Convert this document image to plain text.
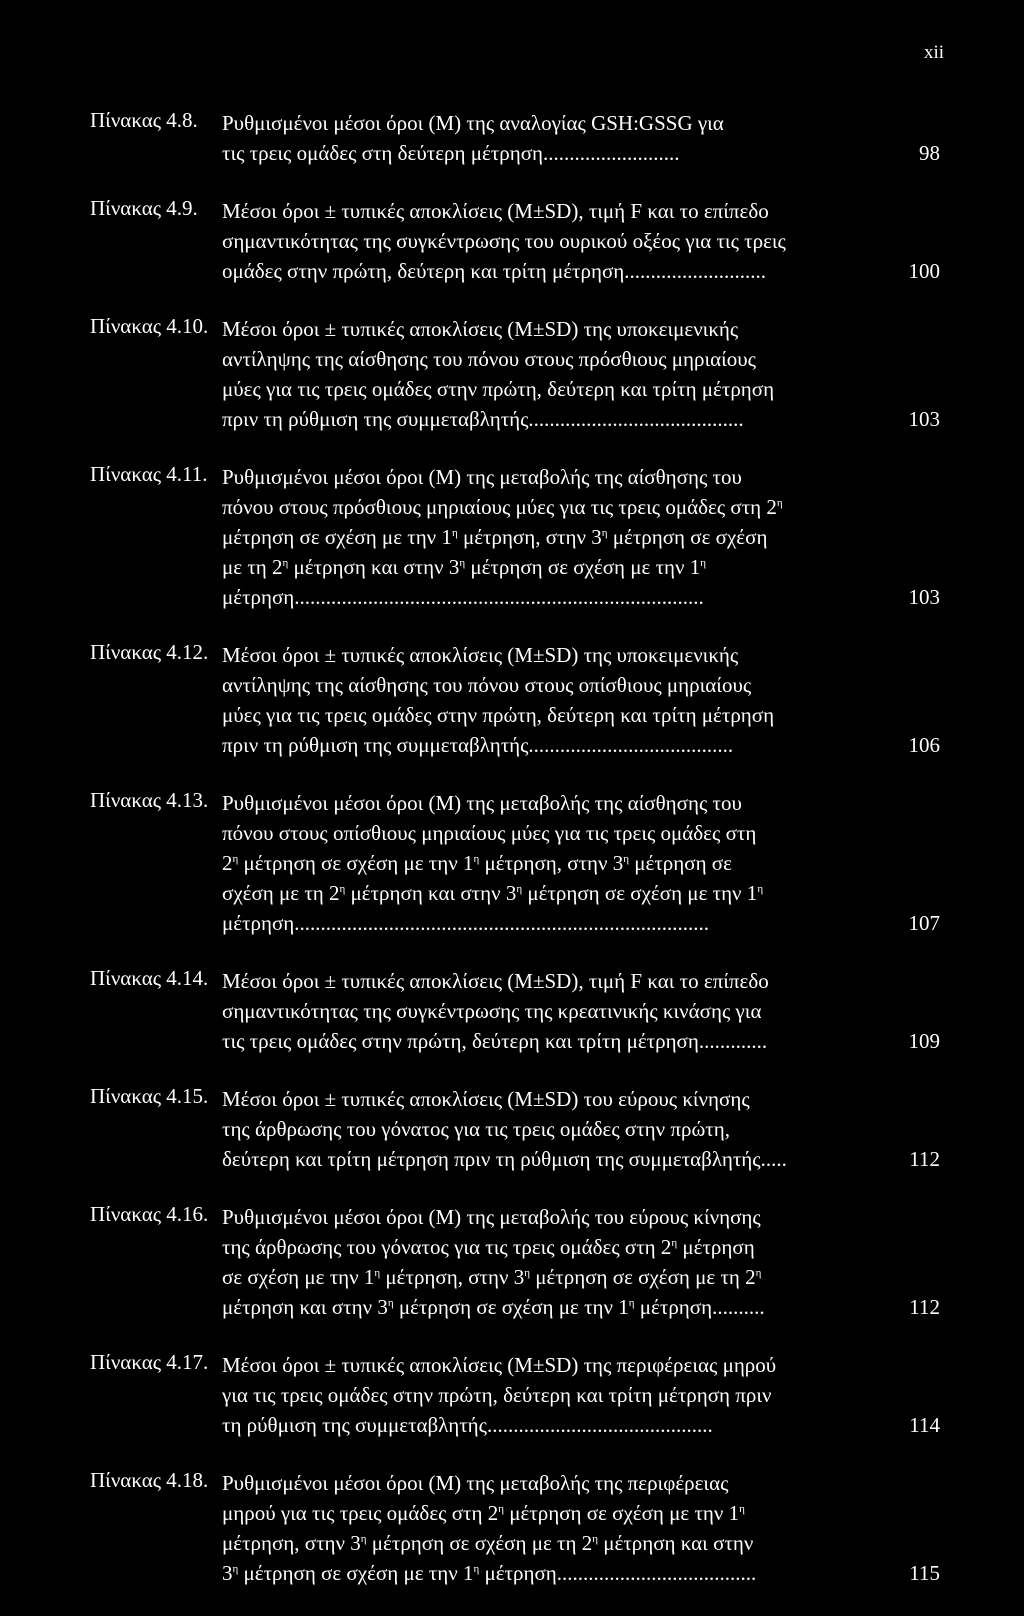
xii
Πίνακας 4.8. Ρυθμισμένοι μέσοι όροι (Μ) της αναλογίας GSH:GSSG για
τις τρεις ομάδες στη δεύτερη μέτρηση..........................	98
Πίνακας 4.9. Μέσοι όροι ± τυπικές αποκλίσεις (M±SD), τιμή F και το επίπεδο
σημαντικότητας της συγκέντρωσης του ουρικού οξέος για τις τρεις
ομάδες στην πρώτη, δεύτερη και τρίτη μέτρηση...........................	100
Πίνακας 4.10. Μέσοι όροι ± τυπικές αποκλίσεις (M±SD) της υποκειμενικής
αντίληψης της αίσθησης του πόνου στους πρόσθιους μηριαίους
μύες για τις τρεις ομάδες στην πρώτη, δεύτερη και τρίτη μέτρηση
πριν τη ρύθμιση της συμμεταβλητής.........................................	103
Πίνακας 4.11. Ρυθμισμένοι μέσοι όροι (Μ) της μεταβολής της αίσθησης του
πόνου στους πρόσθιους μηριαίους μύες για τις τρεις ομάδες στη $2^\eta$
μέτρηση σε σχέση με την $1^\eta$ μέτρηση, στην $3^\eta$ μέτρηση σε σχέση
με τη $2^\eta$ μέτρηση και στην $3^\eta$ μέτρηση σε σχέση με την $1^\eta$
μέτρηση..............................................................................	103
Πίνακας 4.12. Μέσοι όροι ± τυπικές αποκλίσεις (M±SD) της υποκειμενικής
αντίληψης της αίσθησης του πόνου στους οπίσθιους μηριαίους
μύες για τις τρεις ομάδες στην πρώτη, δεύτερη και τρίτη μέτρηση
πριν τη ρύθμιση της συμμεταβλητής.......................................	106
Πίνακας 4.13. Ρυθμισμένοι μέσοι όροι (Μ) της μεταβολής της αίσθησης του
πόνου στους οπίσθιους μηριαίους μύες για τις τρεις ομάδες στη
$2^\eta$ μέτρηση σε σχέση με την $1^\eta$ μέτρηση, στην $3^\eta$ μέτρηση σε
σχέση με τη $2^\eta$ μέτρηση και στην $3^\eta$ μέτρηση σε σχέση με την $1^\eta$
μέτρηση...............................................................................	107
Πίνακας 4.14. Μέσοι όροι ± τυπικές αποκλίσεις (M±SD), τιμή F και το επίπεδο
σημαντικότητας της συγκέντρωσης της κρεατινικής κινάσης για
τις τρεις ομάδες στην πρώτη, δεύτερη και τρίτη μέτρηση.............	109
Πίνακας 4.15. Μέσοι όροι ± τυπικές αποκλίσεις (M±SD) του εύρους κίνησης
της άρθρωσης του γόνατος για τις τρεις ομάδες στην πρώτη,
δεύτερη και τρίτη μέτρηση πριν τη ρύθμιση της συμμεταβλητής.....	112
Πίνακας 4.16. Ρυθμισμένοι μέσοι όροι (Μ) της μεταβολής του εύρους κίνησης
της άρθρωσης του γόνατος για τις τρεις ομάδες στη $2^\eta$ μέτρηση
σε σχέση με την $1^\eta$ μέτρηση, στην $3^\eta$ μέτρηση σε σχέση με τη $2^\eta$
μέτρηση και στην $3^\eta$ μέτρηση σε σχέση με την $1^\eta$ μέτρηση..........	112
Πίνακας 4.17. Μέσοι όροι ± τυπικές αποκλίσεις (M±SD) της περιφέρειας μηρού
για τις τρεις ομάδες στην πρώτη, δεύτερη και τρίτη μέτρηση πριν
τη ρύθμιση της συμμεταβλητής...........................................	114
Πίνακας 4.18. Ρυθμισμένοι μέσοι όροι (Μ) της μεταβολής της περιφέρειας
μηρού για τις τρεις ομάδες στη $2^\eta$ μέτρηση σε σχέση με την $1^\eta$
μέτρηση, στην $3^\eta$ μέτρηση σε σχέση με τη $2^\eta$ μέτρηση και στην
$3^\eta$ μέτρηση σε σχέση με την $1^\eta$ μέτρηση......................................	115
